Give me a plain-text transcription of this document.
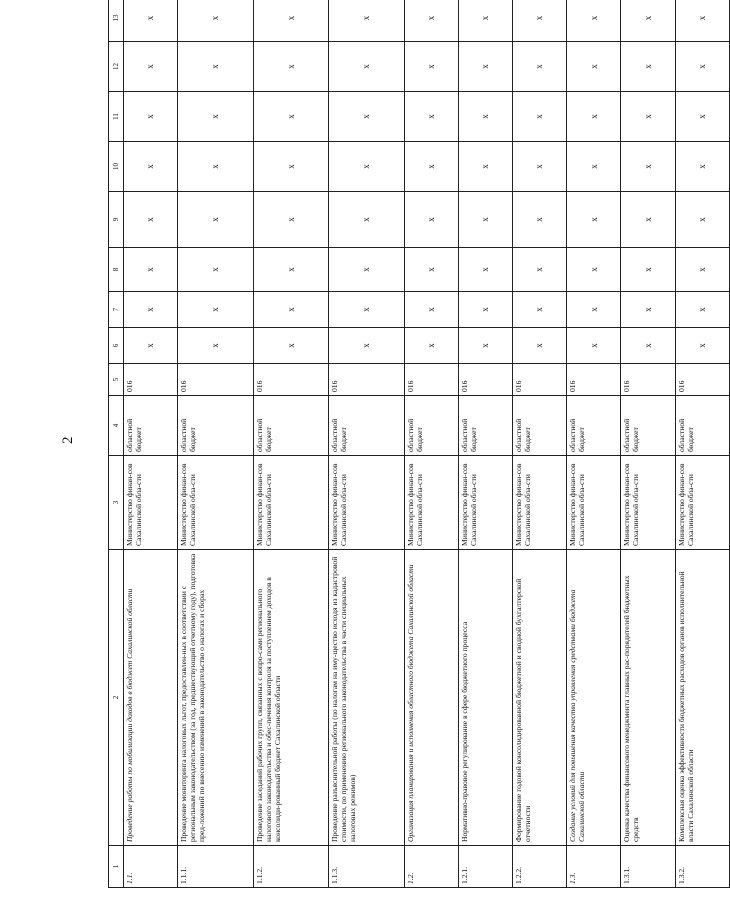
2
1	2	3	4	5	6	7	8	9	10	11	12	13
1.1.	Проведение работы по мобилизации доходов в бюджет Сахалинской области	Министерство финан-сов Сахалинской обла-сти	областной бюджет	016	x	x	x	x	x	x	x	x
1.1.1.	Проведение мониторинга налоговых льгот, предоставлен-ных в соответствии с региональным законодательством (за год, предшествующий отчетному году), подготовка пред-ложений по внесению изменений в законодательство о налогах и сборах	Министерство финан-сов Сахалинской обла-сти	областной бюджет	016	x	x	x	x	x	x	x	x
1.1.2.	Проведение заседаний рабочих групп, связанных с вопро-сами регионального налогового законодательства и обес-печения контроля за поступлением доходов в консолиди-рованный бюджет Сахалинской области	Министерство финан-сов Сахалинской обла-сти	областной бюджет	016	x	x	x	x	x	x	x	x
1.1.3.	Проведение разъяснительной работы (по налогам на иму-щество исходя из кадастровой стоимости, по применению регионального законодательства в части специальных налоговых режимов)	Министерство финан-сов Сахалинской обла-сти	областной бюджет	016	x	x	x	x	x	x	x	x
1.2.	Организация планирования и исполнения областного бюджета Сахалинской области	Министерство финан-сов Сахалинской обла-сти	областной бюджет	016	x	x	x	x	x	x	x	x
1.2.1.	Нормативно-правовое регулирование в сфере бюджетного процесса	Министерство финан-сов Сахалинской обла-сти	областной бюджет	016	x	x	x	x	x	x	x	x
1.2.2.	Формирование годовой консолидированной бюджетной и сводной бухгалтерской отчетности	Министерство финан-сов Сахалинской обла-сти	областной бюджет	016	x	x	x	x	x	x	x	x
1.3.	Создание условий для повышения качества управления средствами бюджета Сахалинской области	Министерство финан-сов Сахалинской обла-сти	областной бюджет	016	x	x	x	x	x	x	x	x
1.3.1.	Оценка качества финансового менеджмента главных рас-порядителей бюджетных средств	Министерство финан-сов Сахалинской обла-сти	областной бюджет	016	x	x	x	x	x	x	x	x
1.3.2.	Комплексная оценка эффективности бюджетных расходов органов исполнительной власти Сахалинской области	Министерство финан-сов Сахалинской обла-сти	областной бюджет	016	x	x	x	x	x	x	x	x
